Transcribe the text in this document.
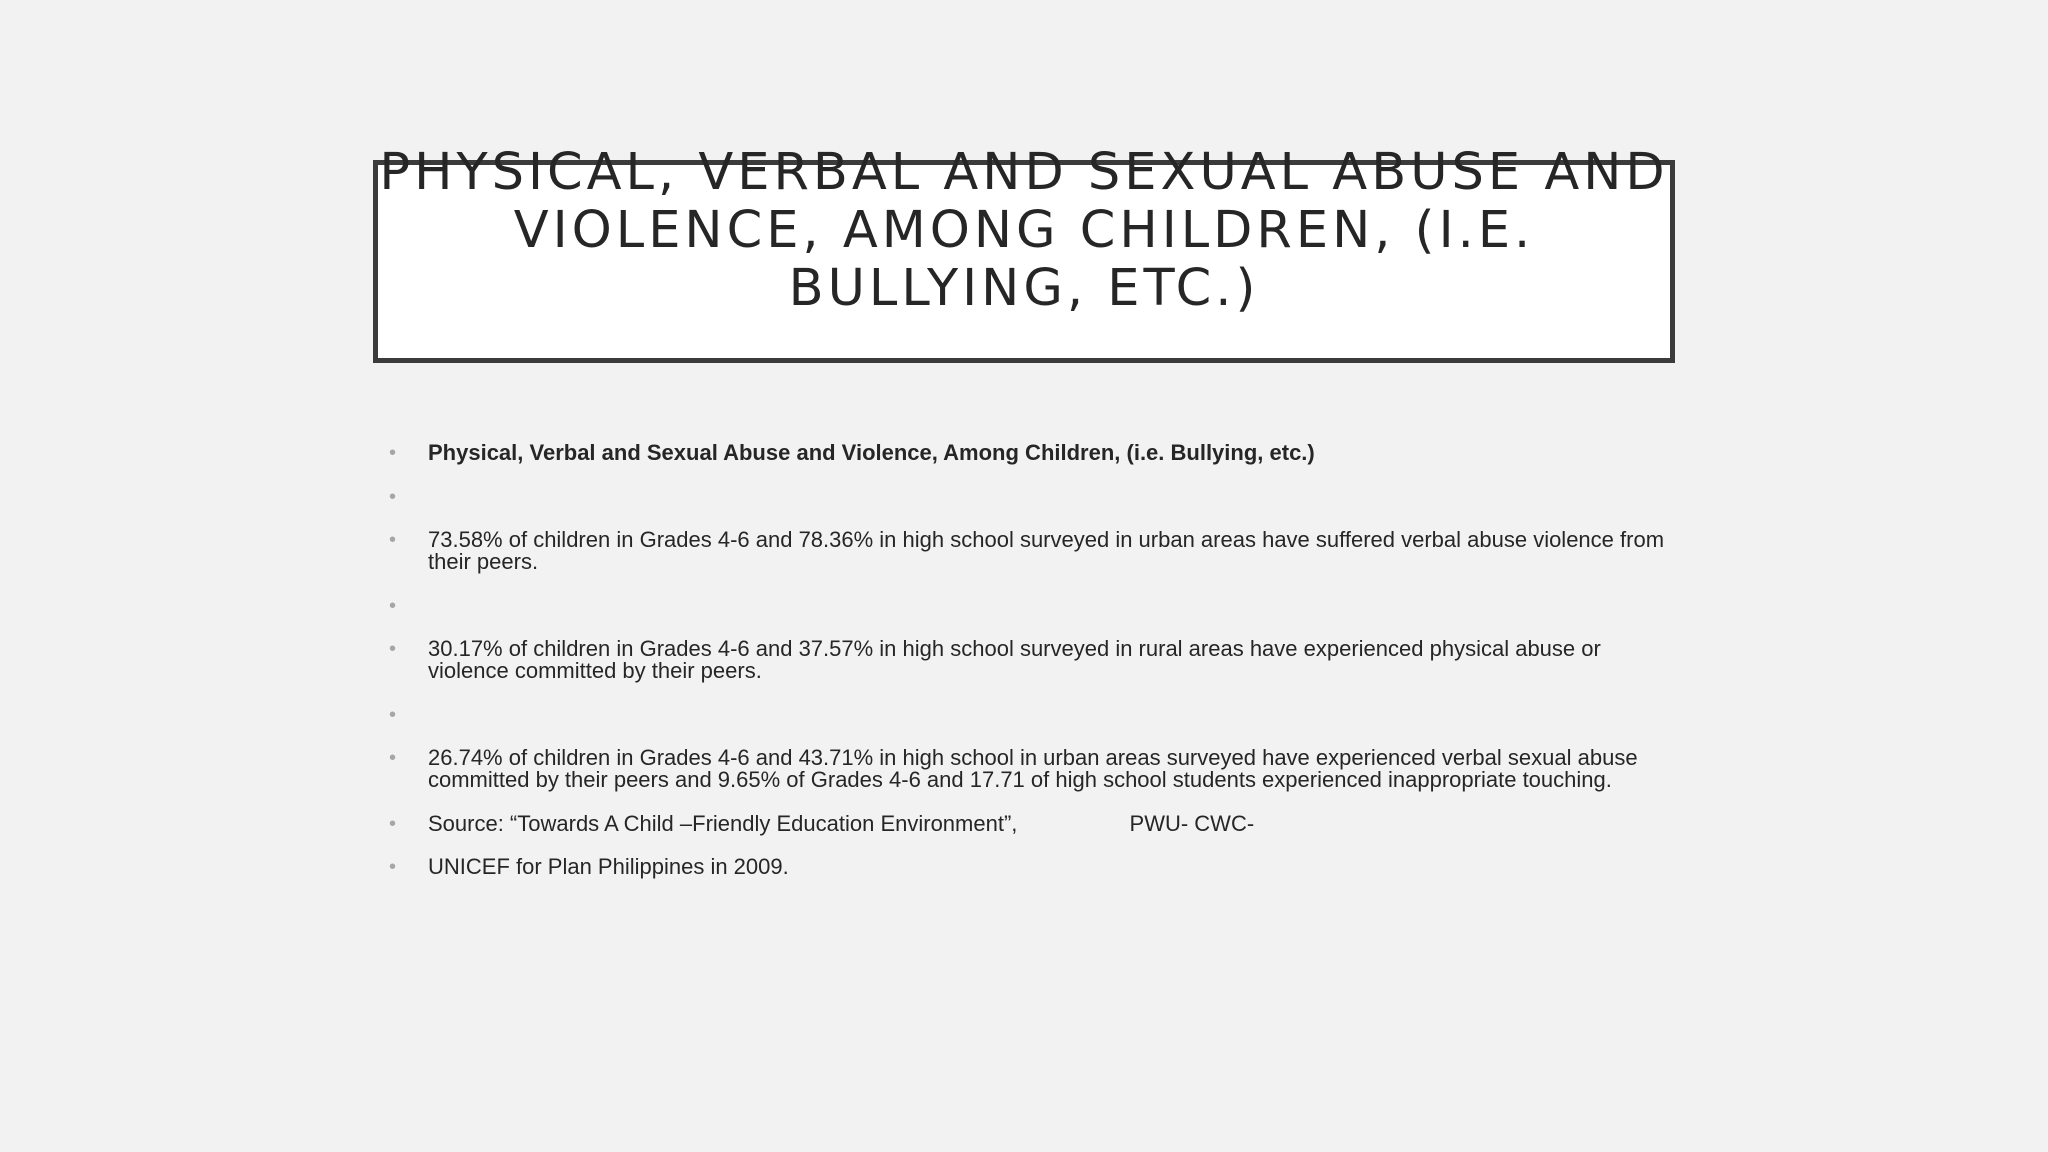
PHYSICAL, VERBAL AND SEXUAL ABUSE AND VIOLENCE, AMONG CHILDREN, (I.E. BULLYING, ETC.)
• Physical, Verbal and Sexual Abuse and Violence, Among Children, (i.e. Bullying, etc.)
•
• 73.58% of children in Grades 4-6 and 78.36% in high school surveyed in urban areas have suffered verbal abuse violence from their peers.
•
• 30.17% of children in Grades 4-6 and 37.57% in high school surveyed in rural areas have experienced physical abuse or violence committed by their peers.
•
• 26.74% of children in Grades 4-6 and 43.71% in high school in urban areas surveyed have experienced verbal sexual abuse committed by their peers and 9.65% of Grades 4-6 and 17.71 of high school students experienced inappropriate touching.
• Source: “Towards A Child –Friendly Education Environment”,	PWU- CWC-
• UNICEF for Plan Philippines in 2009.
